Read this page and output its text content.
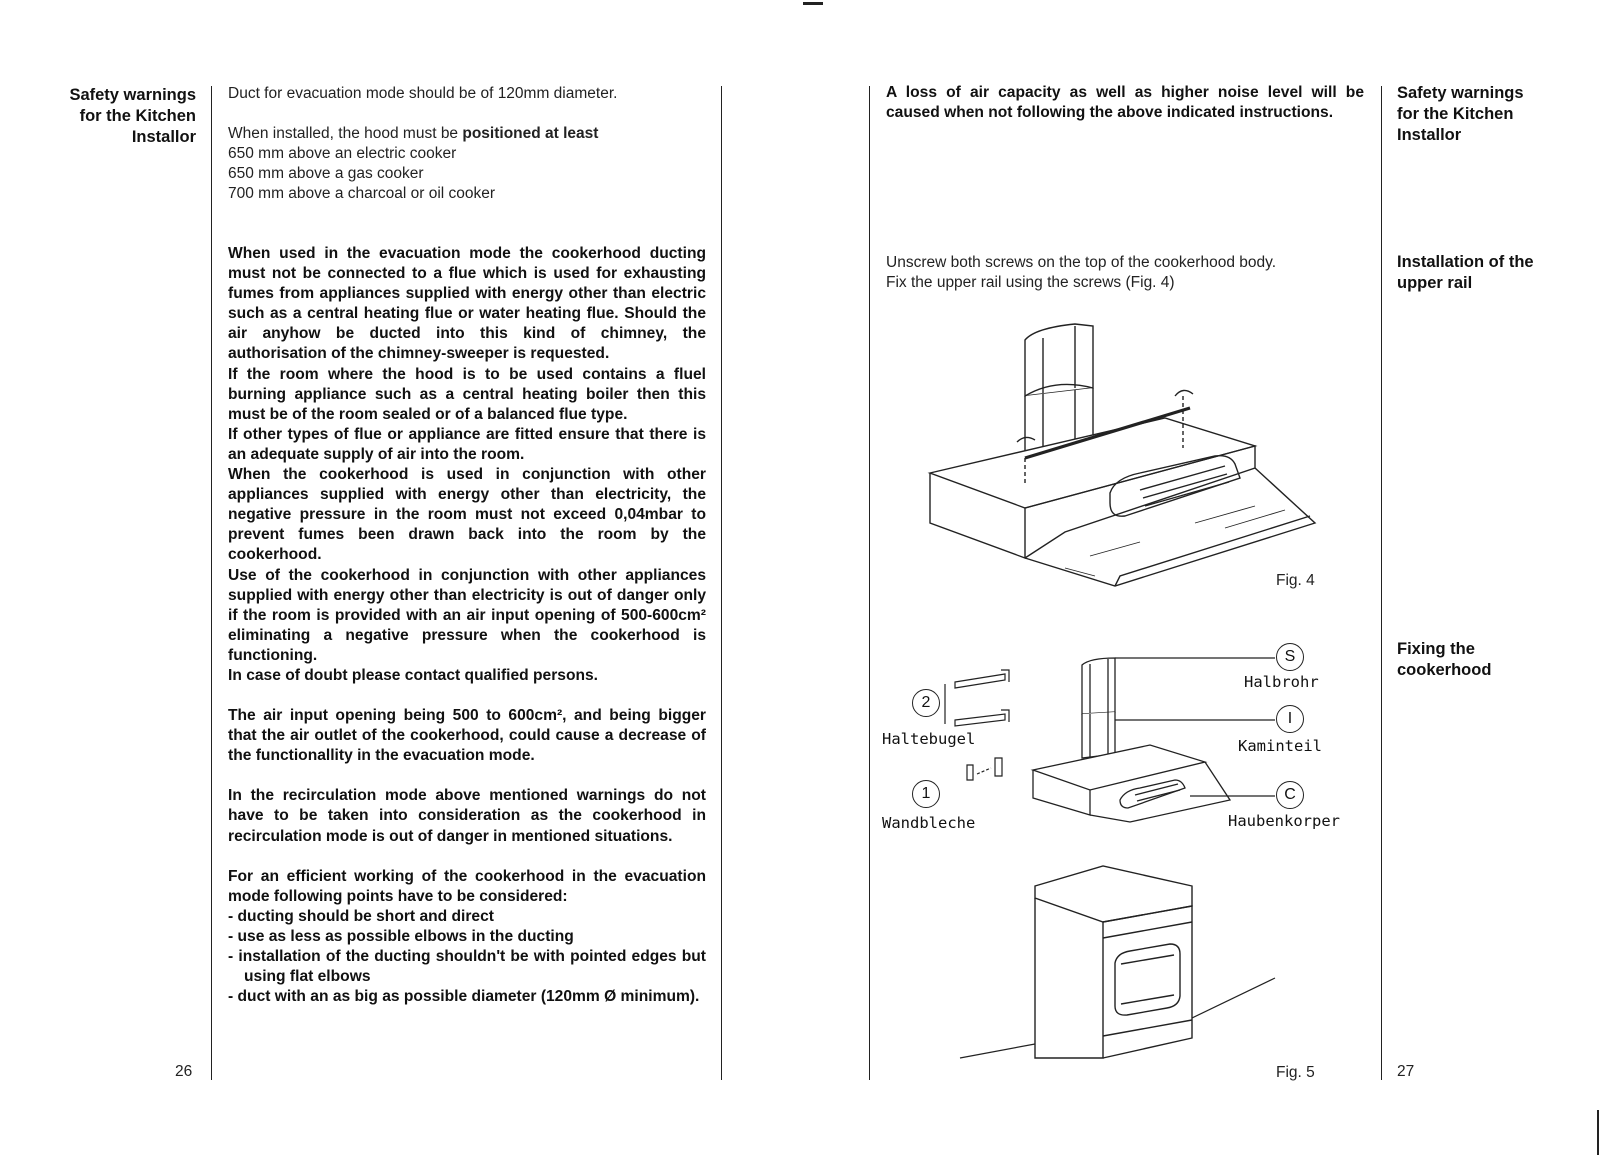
Safety warnings for the Kitchen Installor
Duct for evacuation mode should be of 120mm diameter.
When installed, the hood must be positioned at least
650 mm above an electric cooker
650 mm above a gas cooker
700 mm above a charcoal or oil cooker

When used in the evacuation mode the cookerhood ducting must not be connected to a flue which is used for exhausting fumes from appliances supplied with energy other than electric such as a central heating flue or water heating flue. Should the air anyhow be ducted into this kind of chimney, the authorisation of the chimney-sweeper is requested.

If the room where the hood is to be used contains a fluel burning appliance such as a central heating boiler then this must be of the room sealed or of a balanced flue type.

If other types of flue or appliance are fitted ensure that there is an adequate supply of air into the room.

When the cookerhood is used in conjunction with other appliances supplied with energy other than electricity, the negative pressure in the room must not exceed 0,04mbar to prevent fumes been drawn back into the room by the cookerhood.

Use of the cookerhood in conjunction with other appliances supplied with energy other than electricity is out of danger only if the room is provided with an air input opening of 500-600cm² eliminating a negative pressure when the cookerhood is functioning.

In case of doubt please contact qualified persons.

The air input opening being 500 to 600cm², and being bigger that the air outlet of the cookerhood, could cause a decrease of the functionallity in the evacuation mode.

In the recirculation mode above mentioned warnings do not have to be taken into consideration as the cookerhood in recirculation mode is out of danger in mentioned situations.

For an efficient working of the cookerhood in the evacuation mode following points have to be considered:

- ducting should be short and direct
- use as less as possible elbows in the ducting
- installation of the ducting shouldn't be with pointed edges but using flat elbows
- duct with an as big as possible diameter (120mm Ø minimum).
26
A loss of air capacity as well as higher noise level will be caused when not following the above indicated instructions.
Safety warnings for the Kitchen Installor
Installation of the upper rail
Fixing the cookerhood
Unscrew both screws on the top of the cookerhood body.
Fix the upper rail using the screws (Fig. 4)
Fig. 4
S
I
C
2
1
Halbrohr
Kaminteil
Haubenkorper
Haltebugel
Wandbleche
Fig. 5	27
